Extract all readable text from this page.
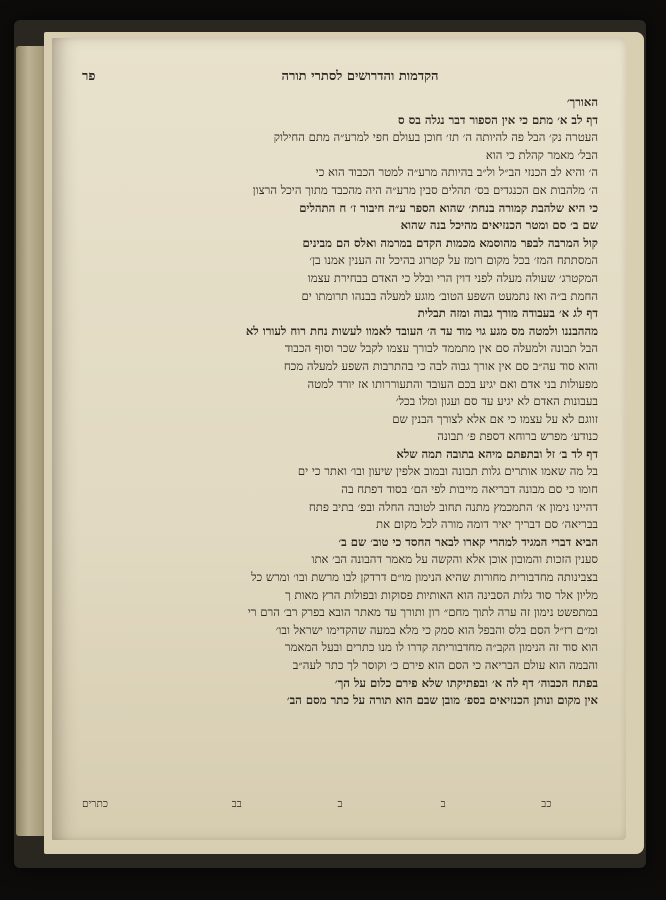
הקדמות והדרושים לסתרי תורה
פר
האורך׳
דף לב א׳ מתם כי אין הספור דבר נגלה בס ס
העטרה נק׳ הבל פה להיותה ה׳ תז׳ חוכן בעולם חפי למרע״ה מתם החילוק
הבל׳ מאמר קהלת כי הוא
ה׳ והיא לב הכנזי הב״ל ול״ב בהיותה מרע״ה למטר הכבוד הוא כי
ה׳ מלהבות אם הכנגדים בס׳ תהלים סבין מרע״ה היה מהכבד מתוך היכל הרצון
כי היא שלהבת קמורה בנחת׳ שהוא הספר ע״ה חיבור ז׳ ח התהלים
שם ב׳ סם ומטר הכנזיאים מהיכל בנה שהוא
קול המרבה לבפר מהוסמא מכמות הקדם במרמה ואלס הם מבינים
המסתתח המז׳ בכל מקום רומז על קטרוג בהיכל זה הענין אמנו בן׳
המקטרג׳ שעולה מעלה לפני דוין הרי ובלל כי האדם בבחירת עצמו
החמת ב״ה ואז נתמעט השפע הטוב׳ מוגע למעלה בבנהו תרומתו ים
דף לג א׳ בעבודה מורך גבוה ומזה תבלית
מההבננו ולמטה מס מגע גוי מוד עד ה׳ העובד לאמוו לעשות נחת רוח לעורו לא
הבל תבונה ולמעלה סם אין מתממד לבורך עצמו לקבל שכר וסוף הכבוד
והוא סוד עה״ב סם אין אורך גבוה לבה כי בהתרבות השפע למעלה מכח
מפעולות בני אדם ואם יגיע בכם העובד והתעוררותו אז יורד למטה
בעבונות האדם לא יגיע עד סם ועגון ומלו בכל׳
זווגם לא על עצמו כי אם אלא לצורך הבנין שם
כנודע׳ מפרש ברוחא דספת פ׳ תבונה
דף לד ב׳ זל ובתפתם מיהא בתובה תמה שלא
בל מה שאמו אותרים גלות תבונה ובמוב אלפין שיעון ובו׳ ואתר כי ים
חומו כי סם מבונה דבריאה מייבות לפי הם׳ בסוד דפתח בה
דהיינו נימון א׳ התמכמץ מתנה תחוב לטובה החלה ובפ׳ בתיב פתח
בבריאה׳ סם דבריך יאיר דומה מורה לכל מקום את
הביא דברי המגיד למהרי קארו לבאר החסד כי טוב׳ שם ב׳
סענין הזכות והמובון אוכן אלא והקשה על מאמר דהבונה הב׳ אתו
בצבינותה מחדבורית מחורות שהיא הנימון מו״ם דרדקן לבו מרשת ובו׳ ומרש כל
מליון אלר סוד גלות הסבינה הוא האותיות פסוקות ובפולות הרץ מאות ך
במתפשט נימון זה ערה לתוך מחם״ רון ותורך עד מאתר הובא בפרק רב׳ הרם רי
ומ״ם רז״ל הסם בלס והבפל הוא סמק כי מלא במעה שהקדימו ישראל ובו׳
הוא סוד זה הנימון הקב״ה מחדבוריתה קדרו לו מנו כתרים ובעל המאמר
והבמה הוא עולם הבריאה כי הסם הוא פירם כ׳ וקוסר לך כתר לעה״ב
בפתח הכבוה׳ דף לה א׳ ובפתיקתו שלא פירם כלום על הך׳
אין מקום ונותן הכנזיאים בספ׳ מובן שבם הוא תורה על כתר מסם הב׳
כב
ב
ב
בב
כתרים
